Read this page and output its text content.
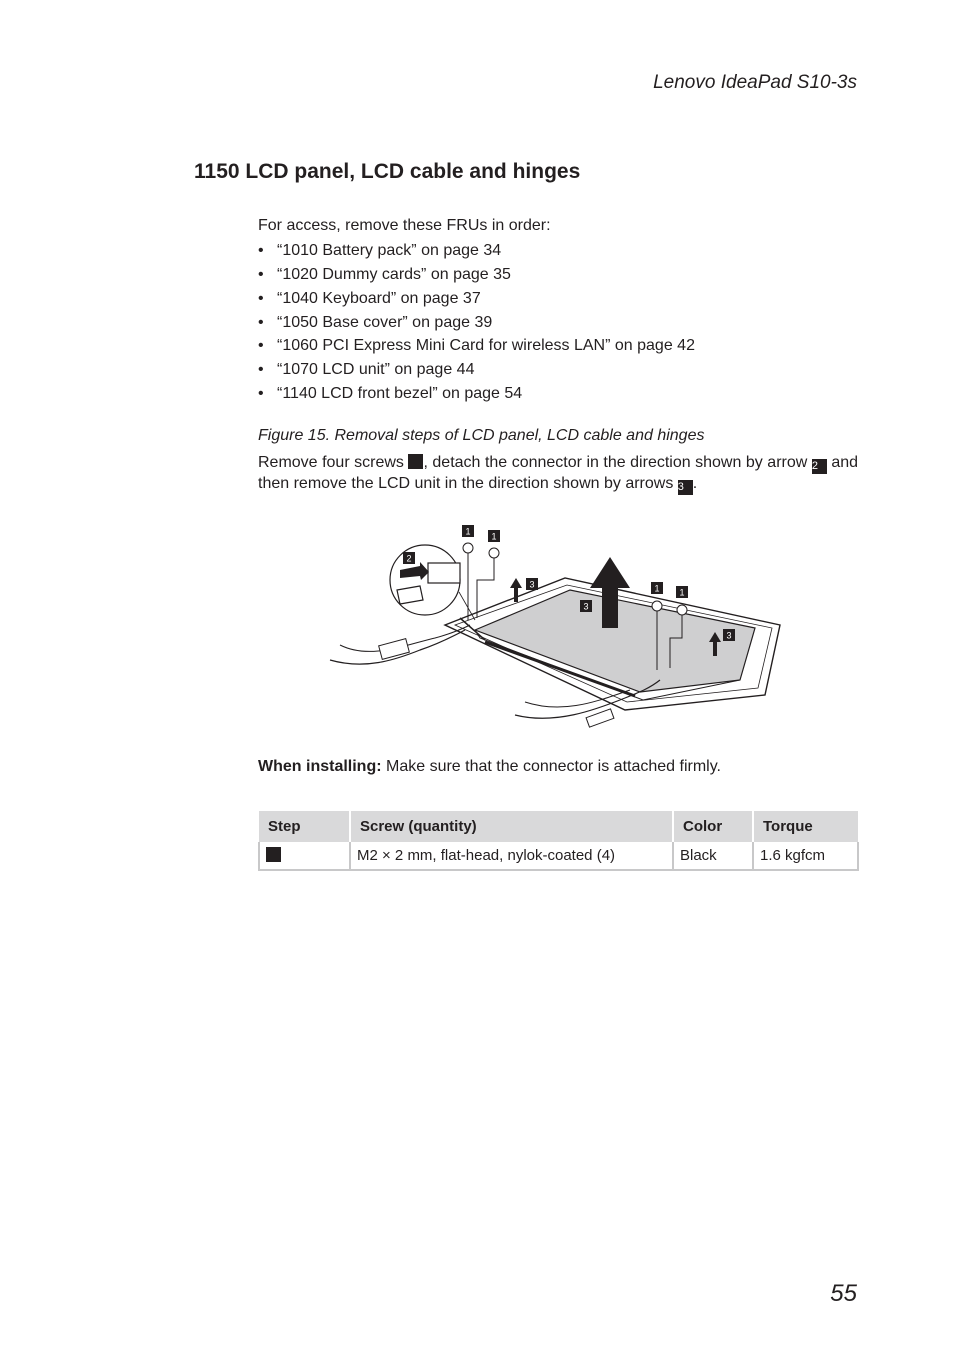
Lenovo IdeaPad S10-3s
1150 LCD panel, LCD cable and hinges

For access, remove these FRUs in order:

• “1010 Battery pack” on page 34
• “1020 Dummy cards” on page 35
• “1040 Keyboard” on page 37
• “1050 Base cover” on page 39
• “1060 PCI Express Mini Card for wireless LAN” on page 42
• “1070 LCD unit” on page 44
• “1140 LCD front bezel” on page 54

Figure 15. Removal steps of LCD panel, LCD cable and hinges

Remove four screws , detach the connector in the direction shown by arrow 2 and then remove the LCD unit in the direction shown by arrows 3 .

1 1
2
3
3
1 1
3

When installing: Make sure that the connector is attached firmly.

Step	Screw (quantity)	Color	Torque
	M2 × 2 mm, flat-head, nylok-coated (4)	Black	1.6 kgfcm
55
